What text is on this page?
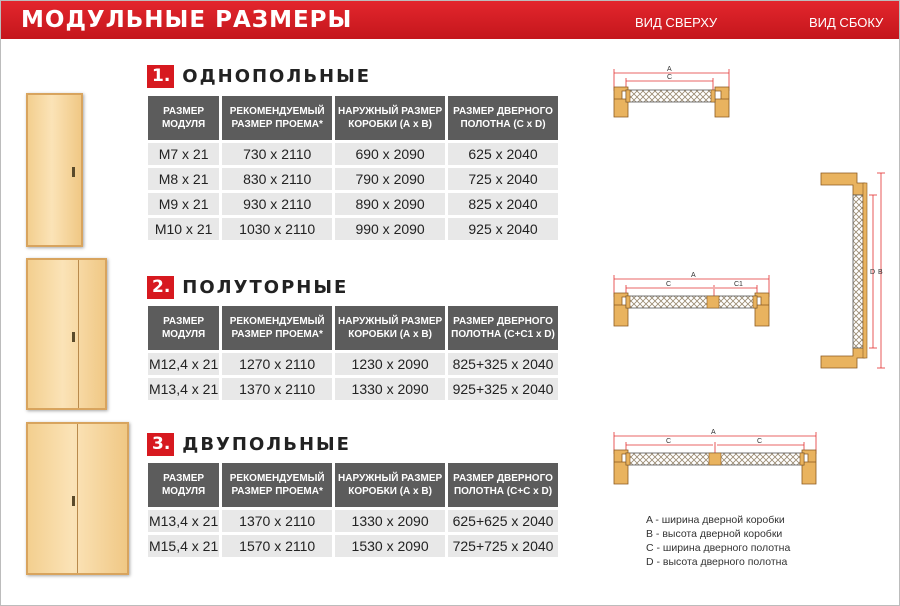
МОДУЛЬНЫЕ РАЗМЕРЫ	ВИД СВЕРХУ	ВИД СБОКУ
1. ОДНОПОЛЬНЫЕ
РАЗМЕР МОДУЛЯ	РЕКОМЕНДУЕМЫЙ РАЗМЕР ПРОЕМА*	НАРУЖНЫЙ РАЗМЕР КОРОБКИ (А х В)	РАЗМЕР ДВЕРНОГО ПОЛОТНА (С х D)
М7 х 21	730 х 2110	690 х 2090	625 х 2040
М8 х 21	830 х 2110	790 х 2090	725 х 2040
М9 х 21	930 х 2110	890 х 2090	825 х 2040
М10 х 21	1030 х 2110	990 х 2090	925 х 2040
2. ПОЛУТОРНЫЕ
РАЗМЕР МОДУЛЯ	РЕКОМЕНДУЕМЫЙ РАЗМЕР ПРОЕМА*	НАРУЖНЫЙ РАЗМЕР КОРОБКИ (А х В)	РАЗМЕР ДВЕРНОГО ПОЛОТНА (С+С1 х D)
М12,4 х 21	1270 х 2110	1230 х 2090	825+325 х 2040
М13,4 х 21	1370 х 2110	1330 х 2090	925+325 х 2040
3. ДВУПОЛЬНЫЕ
РАЗМЕР МОДУЛЯ	РЕКОМЕНДУЕМЫЙ РАЗМЕР ПРОЕМА*	НАРУЖНЫЙ РАЗМЕР КОРОБКИ (А х В)	РАЗМЕР ДВЕРНОГО ПОЛОТНА (С+С х D)
М13,4 х 21	1370 х 2110	1330 х 2090	625+625 х 2040
М15,4 х 21	1570 х 2110	1530 х 2090	725+725 х 2040
A
C
A
C	C1
A
C	C
D B
A - ширина дверной коробки
B - высота дверной коробки
C - ширина дверного полотна
D - высота дверного полотна
